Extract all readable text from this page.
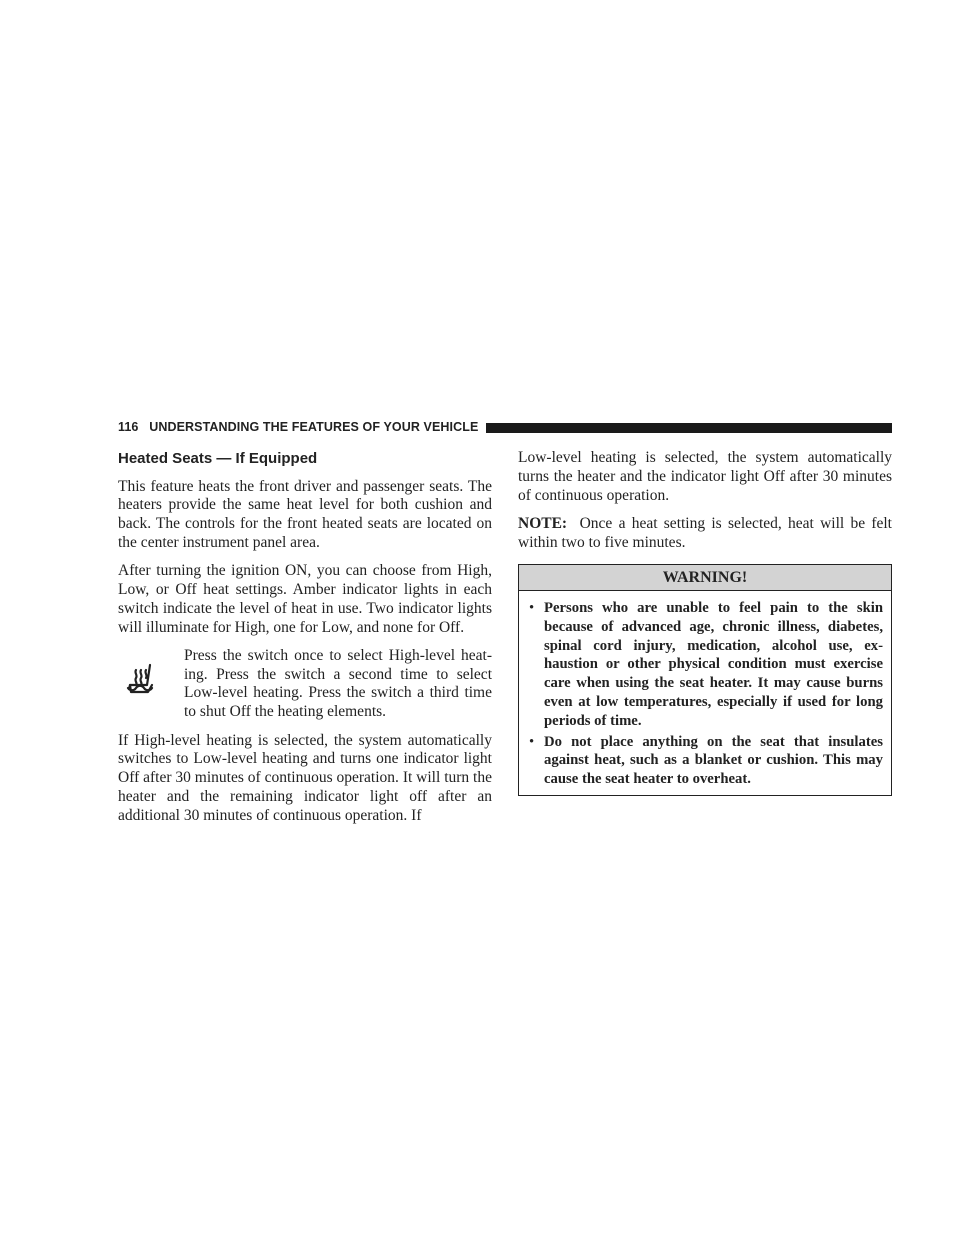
116 UNDERSTANDING THE FEATURES OF YOUR VEHICLE

Heated Seats — If Equipped

This feature heats the front driver and passenger seats. The heaters provide the same heat level for both cushion and back. The controls for the front heated seats are located on the center instrument panel area.

After turning the ignition ON, you can choose from High, Low, or Off heat settings. Amber indicator lights in each switch indicate the level of heat in use. Two indicator lights will illuminate for High, one for Low, and none for Off.

Press the switch once to select High-level heating. Press the switch a second time to select Low-level heating. Press the switch a third time to shut Off the heating elements.

If High-level heating is selected, the system automatically switches to Low-level heating and turns one indicator light Off after 30 minutes of continuous operation. It will turn the heater and the remaining indicator light off after an additional 30 minutes of continuous operation. If

Low-level heating is selected, the system automatically turns the heater and the indicator light Off after 30 minutes of continuous operation.

NOTE: Once a heat setting is selected, heat will be felt within two to five minutes.

WARNING!
• Persons who are unable to feel pain to the skin because of advanced age, chronic illness, diabetes, spinal cord injury, medication, alcohol use, exhaustion or other physical condition must exercise care when using the seat heater. It may cause burns even at low temperatures, especially if used for long periods of time.
• Do not place anything on the seat that insulates against heat, such as a blanket or cushion. This may cause the seat heater to overheat.
